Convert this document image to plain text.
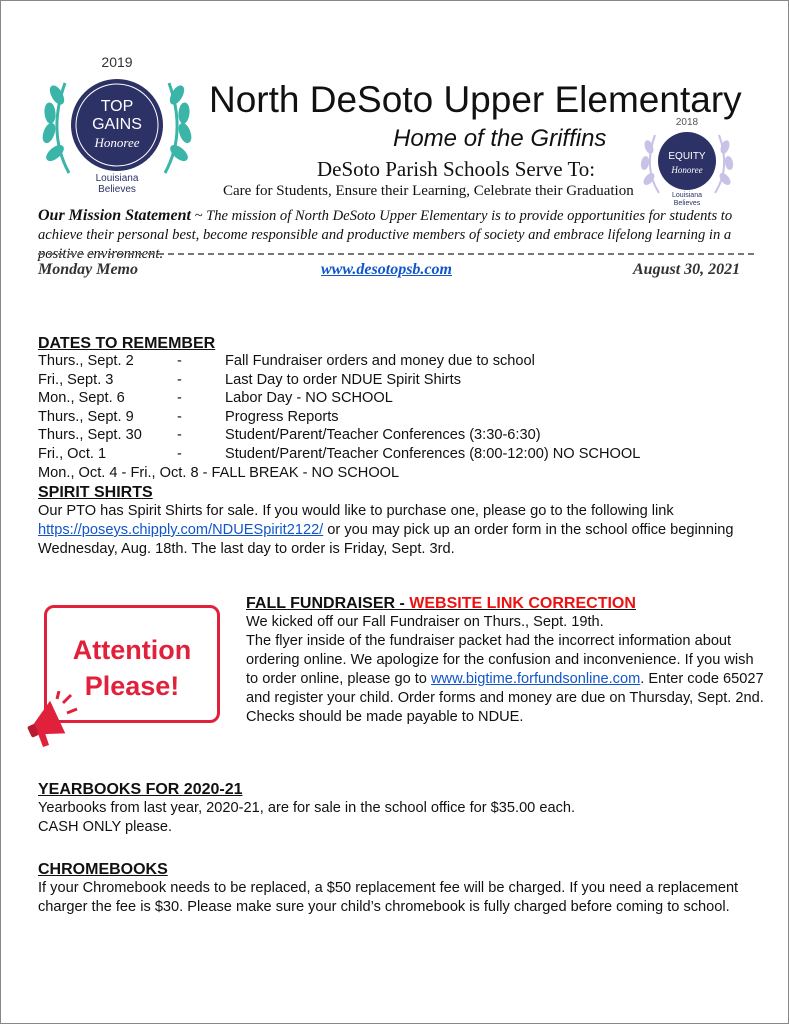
2019
TOP
GAINS
Honoree
Louisiana
Believes
2018
EQUITY
Honoree
Louisiana
Believes
North DeSoto Upper Elementary
Home of the Griffins
DeSoto Parish Schools Serve To:
Care for Students, Ensure their Learning, Celebrate their Graduation
Our Mission Statement ~ The mission of North DeSoto Upper Elementary is to provide opportunities for students to achieve their personal best, become responsible and productive members of society and embrace lifelong learning in a positive environment.
Monday Memo	www.desotopsb.com	August 30, 2021
DATES TO REMEMBER
Thurs., Sept. 2	-	Fall Fundraiser orders and money due to school
Fri., Sept. 3	-	Last Day to order NDUE Spirit Shirts
Mon., Sept. 6	-	Labor Day - NO SCHOOL
Thurs., Sept. 9	-	Progress Reports
Thurs., Sept. 30 -	Student/Parent/Teacher Conferences (3:30-6:30)
Fri., Oct. 1	-	Student/Parent/Teacher Conferences (8:00-12:00) NO SCHOOL
Mon., Oct. 4 - Fri., Oct. 8 - FALL BREAK - NO SCHOOL
SPIRIT SHIRTS
Our PTO has Spirit Shirts for sale. If you would like to purchase one, please go to the following link https://poseys.chipply.com/NDUESpirit2122/ or you may pick up an order form in the school office beginning Wednesday, Aug. 18th. The last day to order is Friday, Sept. 3rd.
Attention
Please!
FALL FUNDRAISER - WEBSITE LINK CORRECTION
We kicked off our Fall Fundraiser on Thurs., Sept. 19th.
The flyer inside of the fundraiser packet had the incorrect information about ordering online. We apologize for the confusion and inconvenience. If you wish to order online, please go to www.bigtime.forfundsonline.com. Enter code 65027 and register your child. Order forms and money are due on Thursday, Sept. 2nd. Checks should be made payable to NDUE.
YEARBOOKS FOR 2020-21
Yearbooks from last year, 2020-21, are for sale in the school office for $35.00 each.
CASH ONLY please.
CHROMEBOOKS
If your Chromebook needs to be replaced, a $50 replacement fee will be charged. If you need a replacement charger the fee is $30. Please make sure your child’s chromebook is fully charged before coming to school.
